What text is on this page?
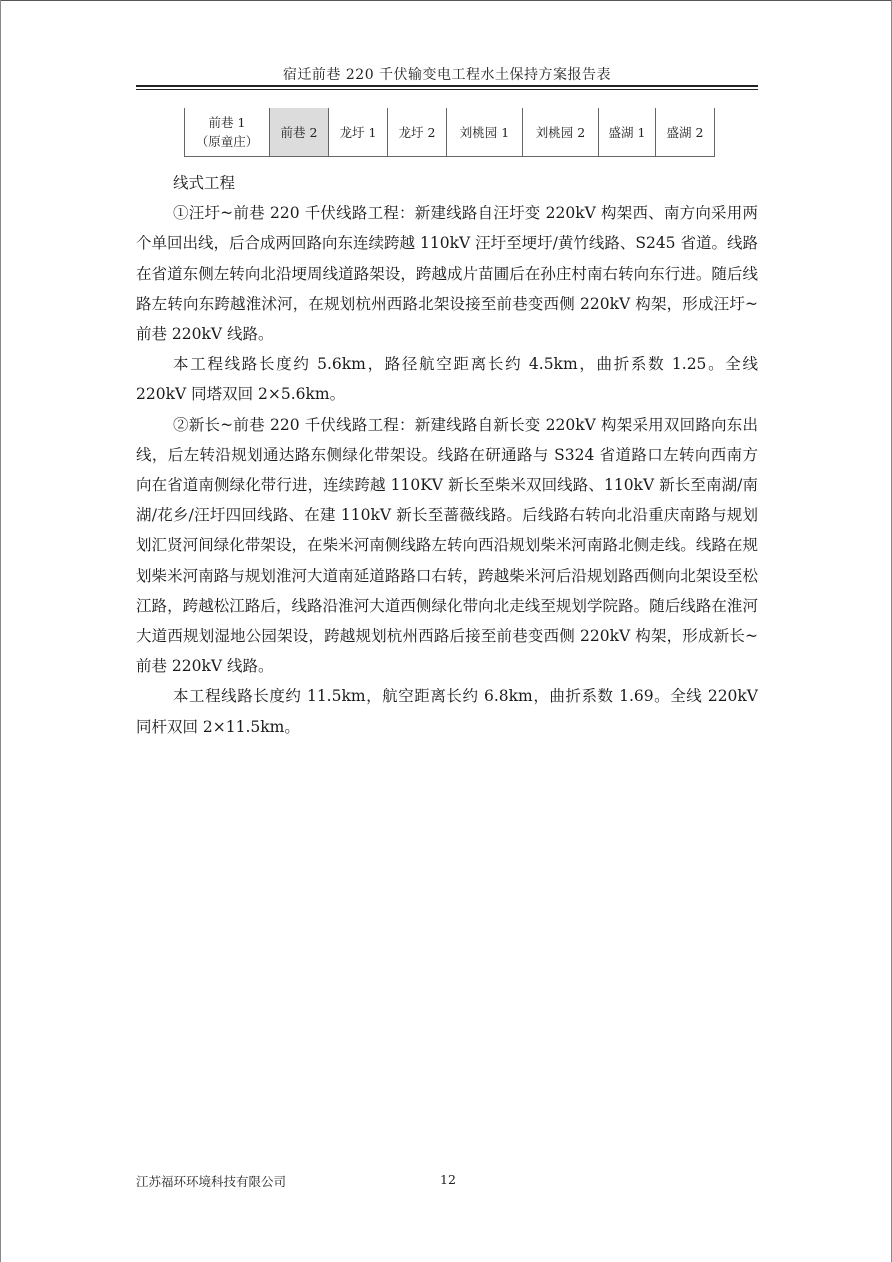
宿迁前巷 220 千伏输变电工程水土保持方案报告表
前巷 1
（原童庄）
前巷 2 龙圩 1 龙圩 2 刘桃园 1 刘桃园 2 盛湖 1 盛湖 2

线式工程

①汪圩~前巷 220 千伏线路工程：新建线路自汪圩变 220kV 构架西、南方向采用两个单回出线，后合成两回路向东连续跨越 110kV 汪圩至埂圩/黄竹线路、S245 省道。线路在省道东侧左转向北沿埂周线道路架设，跨越成片苗圃后在孙庄村南右转向东行进。随后线路左转向东跨越淮沭河，在规划杭州西路北架设接至前巷变西侧 220kV 构架，形成汪圩~前巷 220kV 线路。

本工程线路长度约 5.6km，路径航空距离长约 4.5km，曲折系数 1.25。全线 220kV 同塔双回 2×5.6km。

②新长~前巷 220 千伏线路工程：新建线路自新长变 220kV 构架采用双回路向东出线，后左转沿规划通达路东侧绿化带架设。线路在研通路与 S324 省道路口左转向西南方向在省道南侧绿化带行进，连续跨越 110KV 新长至柴米双回线路、110kV 新长至南湖/南湖/花乡/汪圩四回线路、在建 110kV 新长至蔷薇线路。后线路右转向北沿重庆南路与规划划汇贤河间绿化带架设，在柴米河南侧线路左转向西沿规划柴米河南路北侧走线。线路在规划柴米河南路与规划淮河大道南延道路路口右转，跨越柴米河后沿规划路西侧向北架设至松江路，跨越松江路后，线路沿淮河大道西侧绿化带向北走线至规划学院路。随后线路在淮河大道西规划湿地公园架设，跨越规划杭州西路后接至前巷变西侧 220kV 构架，形成新长~前巷 220kV 线路。

本工程线路长度约 11.5km，航空距离长约 6.8km，曲折系数 1.69。全线 220kV 同杆双回 2×11.5km。

江苏福环环境科技有限公司	12
